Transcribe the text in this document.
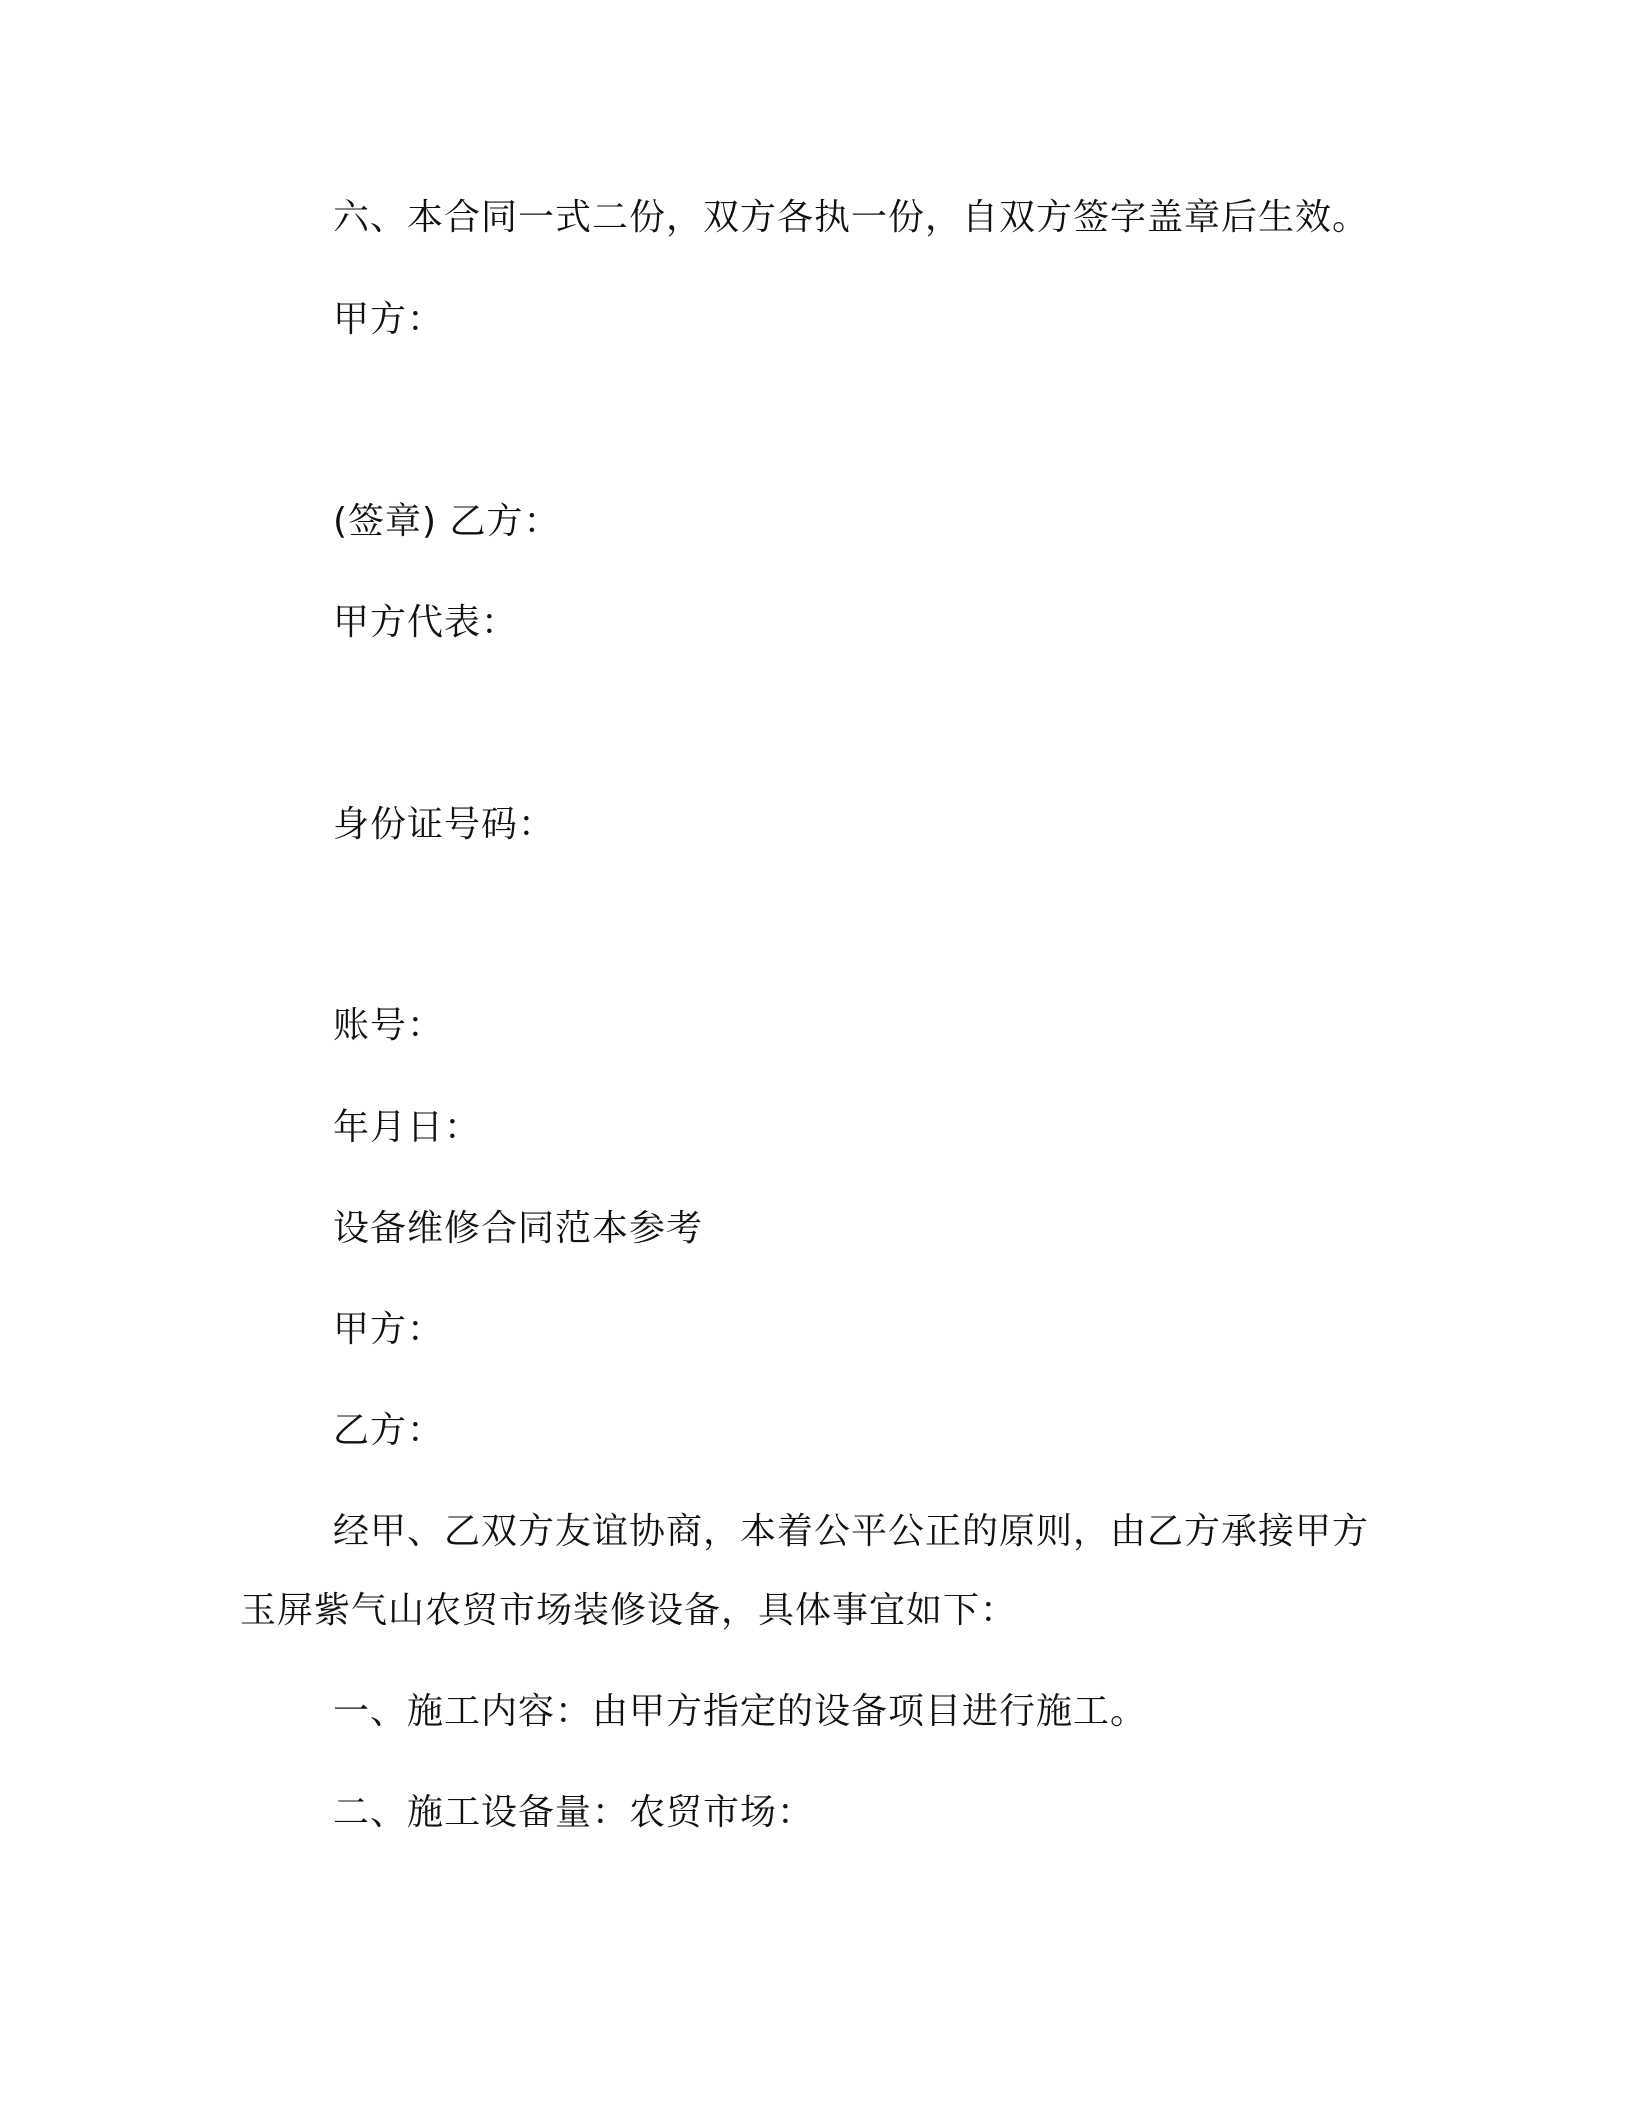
六、本合同一式二份，双方各执一份，自双方签字盖章后生效。
甲方：
(签章) 乙方：
甲方代表：
身份证号码：
账号：
年月日：
设备维修合同范本参考
甲方：
乙方：
经甲、乙双方友谊协商，本着公平公正的原则，由乙方承接甲方
玉屏紫气山农贸市场装修设备，具体事宜如下：
一、施工内容：由甲方指定的设备项目进行施工。
二、施工设备量：农贸市场：
